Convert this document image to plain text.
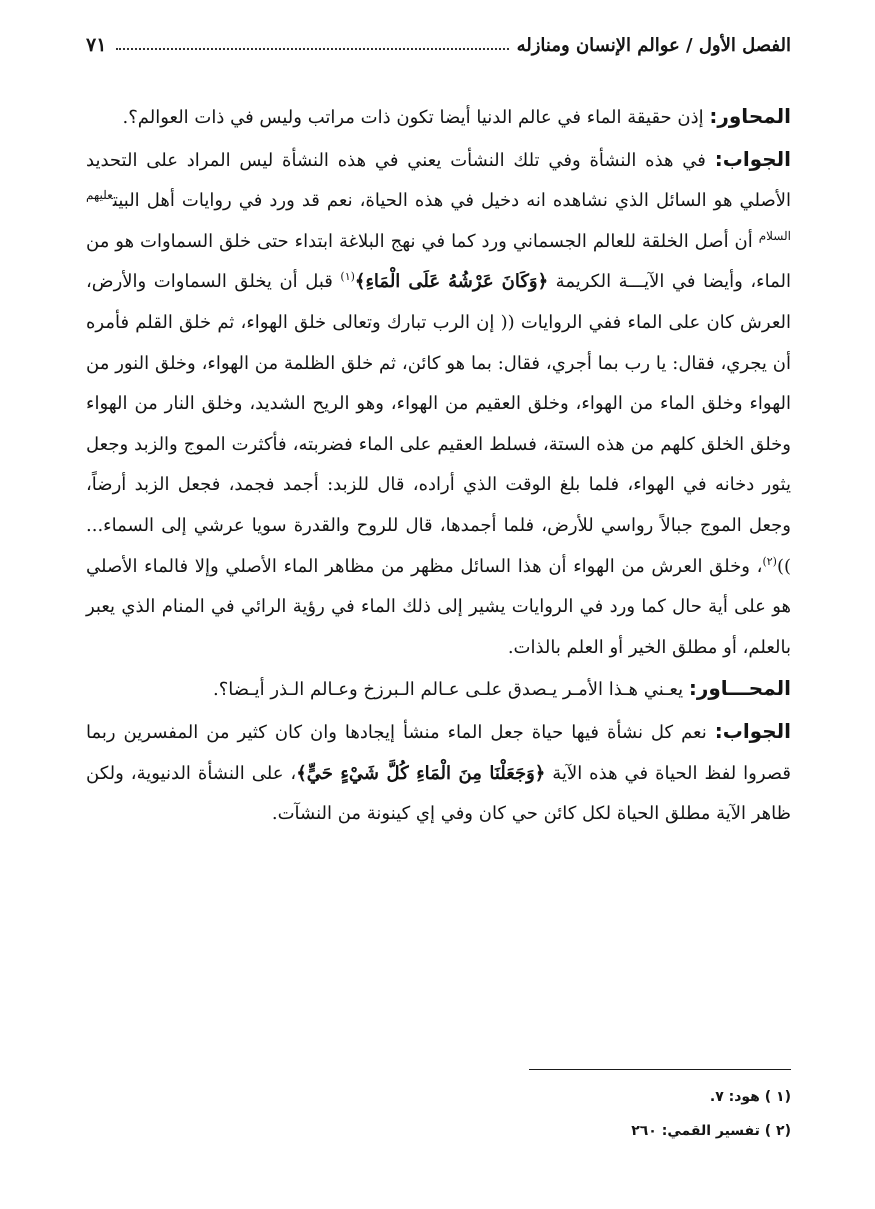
الفصل الأول / عوالم الإنسان ومنازله
٧١

المحاور: إذن حقيقة الماء في عالم الدنيا أيضا تكون ذات مراتب وليس في ذات العوالم؟.

الجواب: في هذه النشأة وفي تلك النشأت يعني في هذه النشأة ليس المراد على التحديد الأصلي هو السائل الذي نشاهده انه دخيل في هذه الحياة، نعم قد ورد في روايات أهل البيت$^{عليهم السلام}$ أن أصل الخلقة للعالم الجسماني ورد كما في نهج البلاغة ابتداء حتى خلق السماوات هو من الماء، وأيضا في الآيـــة الكريمة ﴿وَكَانَ عَرْشُهُ عَلَى الْمَاءِ﴾$^{(١)}$ قبل أن يخلق السماوات والأرض، العرش كان على الماء ففي الروايات (( إن الرب تبارك وتعالى خلق الهواء، ثم خلق القلم فأمره أن يجري، فقال: يا رب بما أجري، فقال: بما هو كائن، ثم خلق الظلمة من الهواء، وخلق النور من الهواء وخلق الماء من الهواء، وخلق العقيم من الهواء، وهو الريح الشديد، وخلق النار من الهواء وخلق الخلق كلهم من هذه الستة، فسلط العقيم على الماء فضربته، فأكثرت الموج والزبد وجعل يثور دخانه في الهواء، فلما بلغ الوقت الذي أراده، قال للزبد: أجمد فجمد، فجعل الزبد أرضاً، وجعل الموج جبالاً رواسي للأرض، فلما أجمدها، قال للروح والقدرة سويا عرشي إلى السماء... ))$^{(٢)}$، وخلق العرش من الهواء أن هذا السائل مظهر من مظاهر الماء الأصلي وإلا فالماء الأصلي هو على أية حال كما ورد في الروايات يشير إلى ذلك الماء في رؤية الرائي في المنام الذي يعبر بالعلم، أو مطلق الخير أو العلم بالذات.

المحـــاور: يعـني هـذا الأمـر يـصدق علـى عـالم الـبرزخ وعـالم الـذر أيـضا؟.

الجواب: نعم كل نشأة فيها حياة جعل الماء منشأ إيجادها وان كان كثير من المفسرين ربما قصروا لفظ الحياة في هذه الآية ﴿وَجَعَلْنَا مِنَ الْمَاءِ كُلَّ شَيْءٍ حَيٍّ﴾، على النشأة الدنيوية، ولكن ظاهر الآية مطلق الحياة لكل كائن حي كان وفي إي كينونة من النشآت.

(١ ) هود: ٧.

(٢ ) تفسير القمي: ٢٦٠
